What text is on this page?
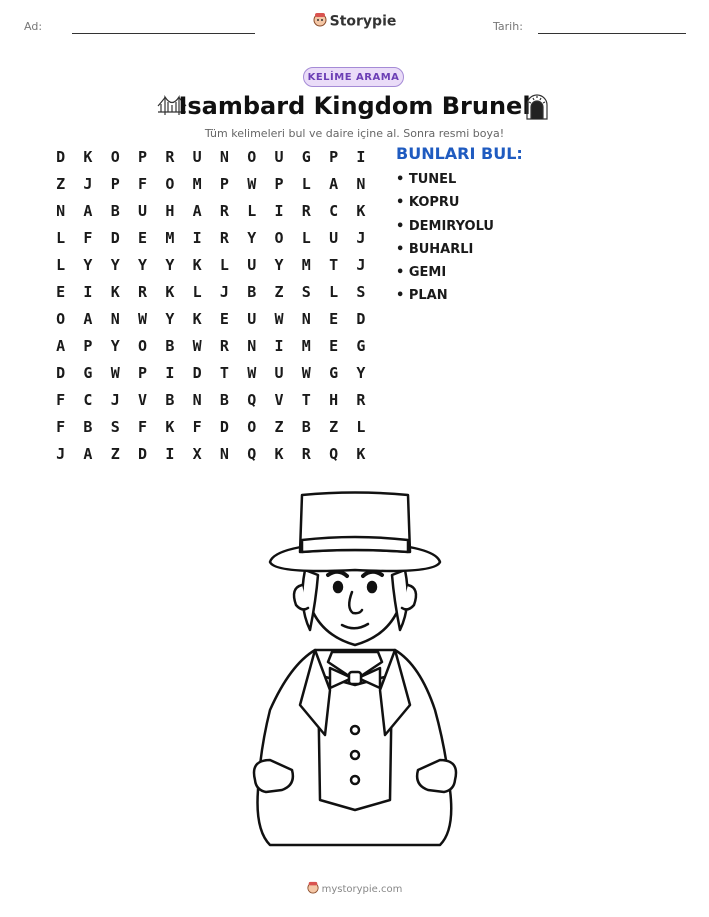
Ad:	Storypie	Tarih:
KELİME ARAMA
Isambard Kingdom Brunel
Tüm kelimeleri bul ve daire içine al. Sonra resmi boya!
D	K	O	P	R	U	N	O	U	G	P	I
Z	J	P	F	O	M	P	W	P	L	A	N
N	A	B	U	H	A	R	L	I	R	C	K
L	F	D	E	M	I	R	Y	O	L	U	J
L	Y	Y	Y	Y	K	L	U	Y	M	T	J
E	I	K	R	K	L	J	B	Z	S	L	S
O	A	N	W	Y	K	E	U	W	N	E	D
A	P	Y	O	B	W	R	N	I	M	E	G
D	G	W	P	I	D	T	W	U	W	G	Y
F	C	J	V	B	N	B	Q	V	T	H	R
F	B	S	F	K	F	D	O	Z	B	Z	L
J	A	Z	D	I	X	N	Q	K	R	Q	K
BUNLARI BUL:
• TUNEL
• KOPRU
• DEMIRYOLU
• BUHARLI
• GEMI
• PLAN
mystorypie.com
